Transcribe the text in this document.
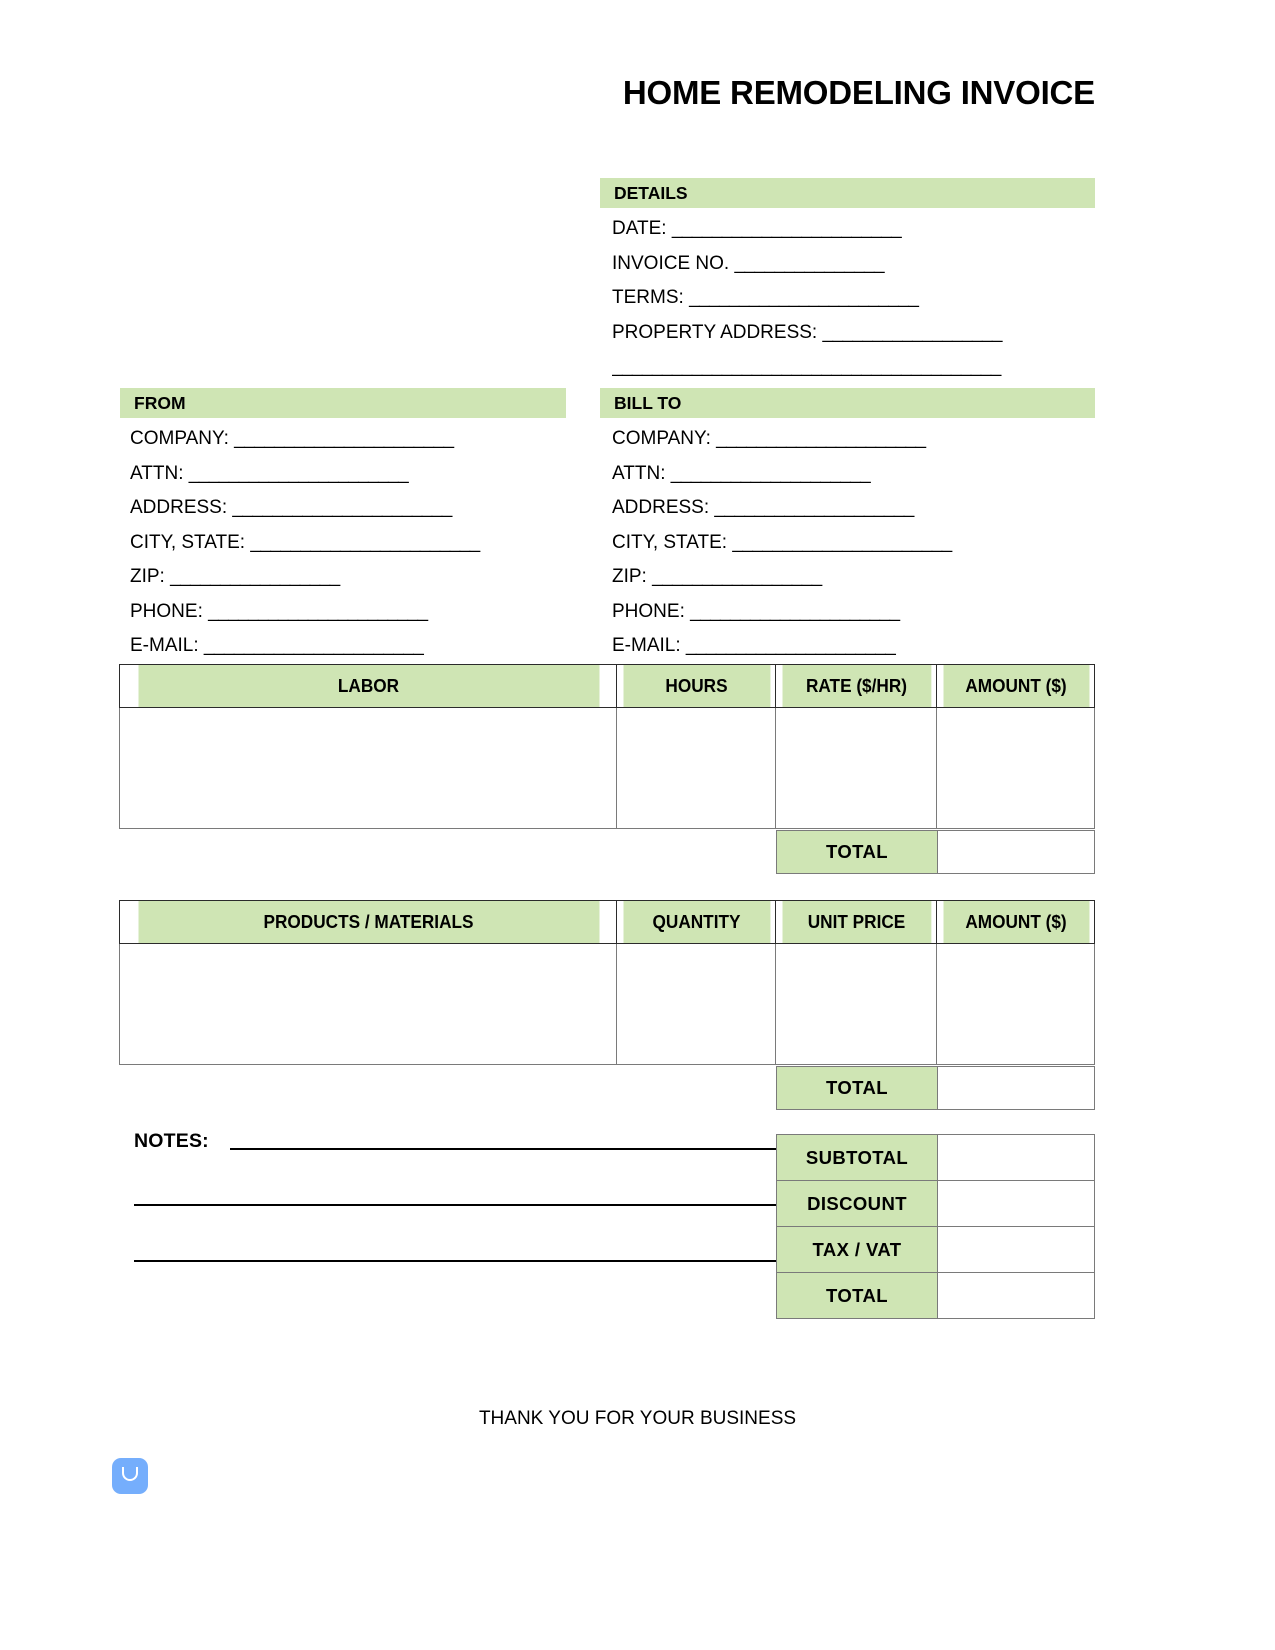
HOME REMODELING INVOICE
DETAILS
DATE: _______________________
INVOICE NO. _______________
TERMS: _______________________
PROPERTY ADDRESS: __________________
_______________________________________
FROM
COMPANY: ______________________
ATTN: ______________________
ADDRESS: ______________________
CITY, STATE: _______________________
ZIP: _________________
PHONE: ______________________
E-MAIL: ______________________
BILL TO
COMPANY: _____________________
ATTN: ____________________
ADDRESS: ____________________
CITY, STATE: ______________________
ZIP: _________________
PHONE: _____________________
E-MAIL: _____________________
LABOR	HOURS	RATE ($/HR)	AMOUNT ($)

TOTAL	
PRODUCTS / MATERIALS	QUANTITY	UNIT PRICE	AMOUNT ($)

TOTAL	
NOTES:
SUBTOTAL	
DISCOUNT	
TAX / VAT	
TOTAL	
THANK YOU FOR YOUR BUSINESS
